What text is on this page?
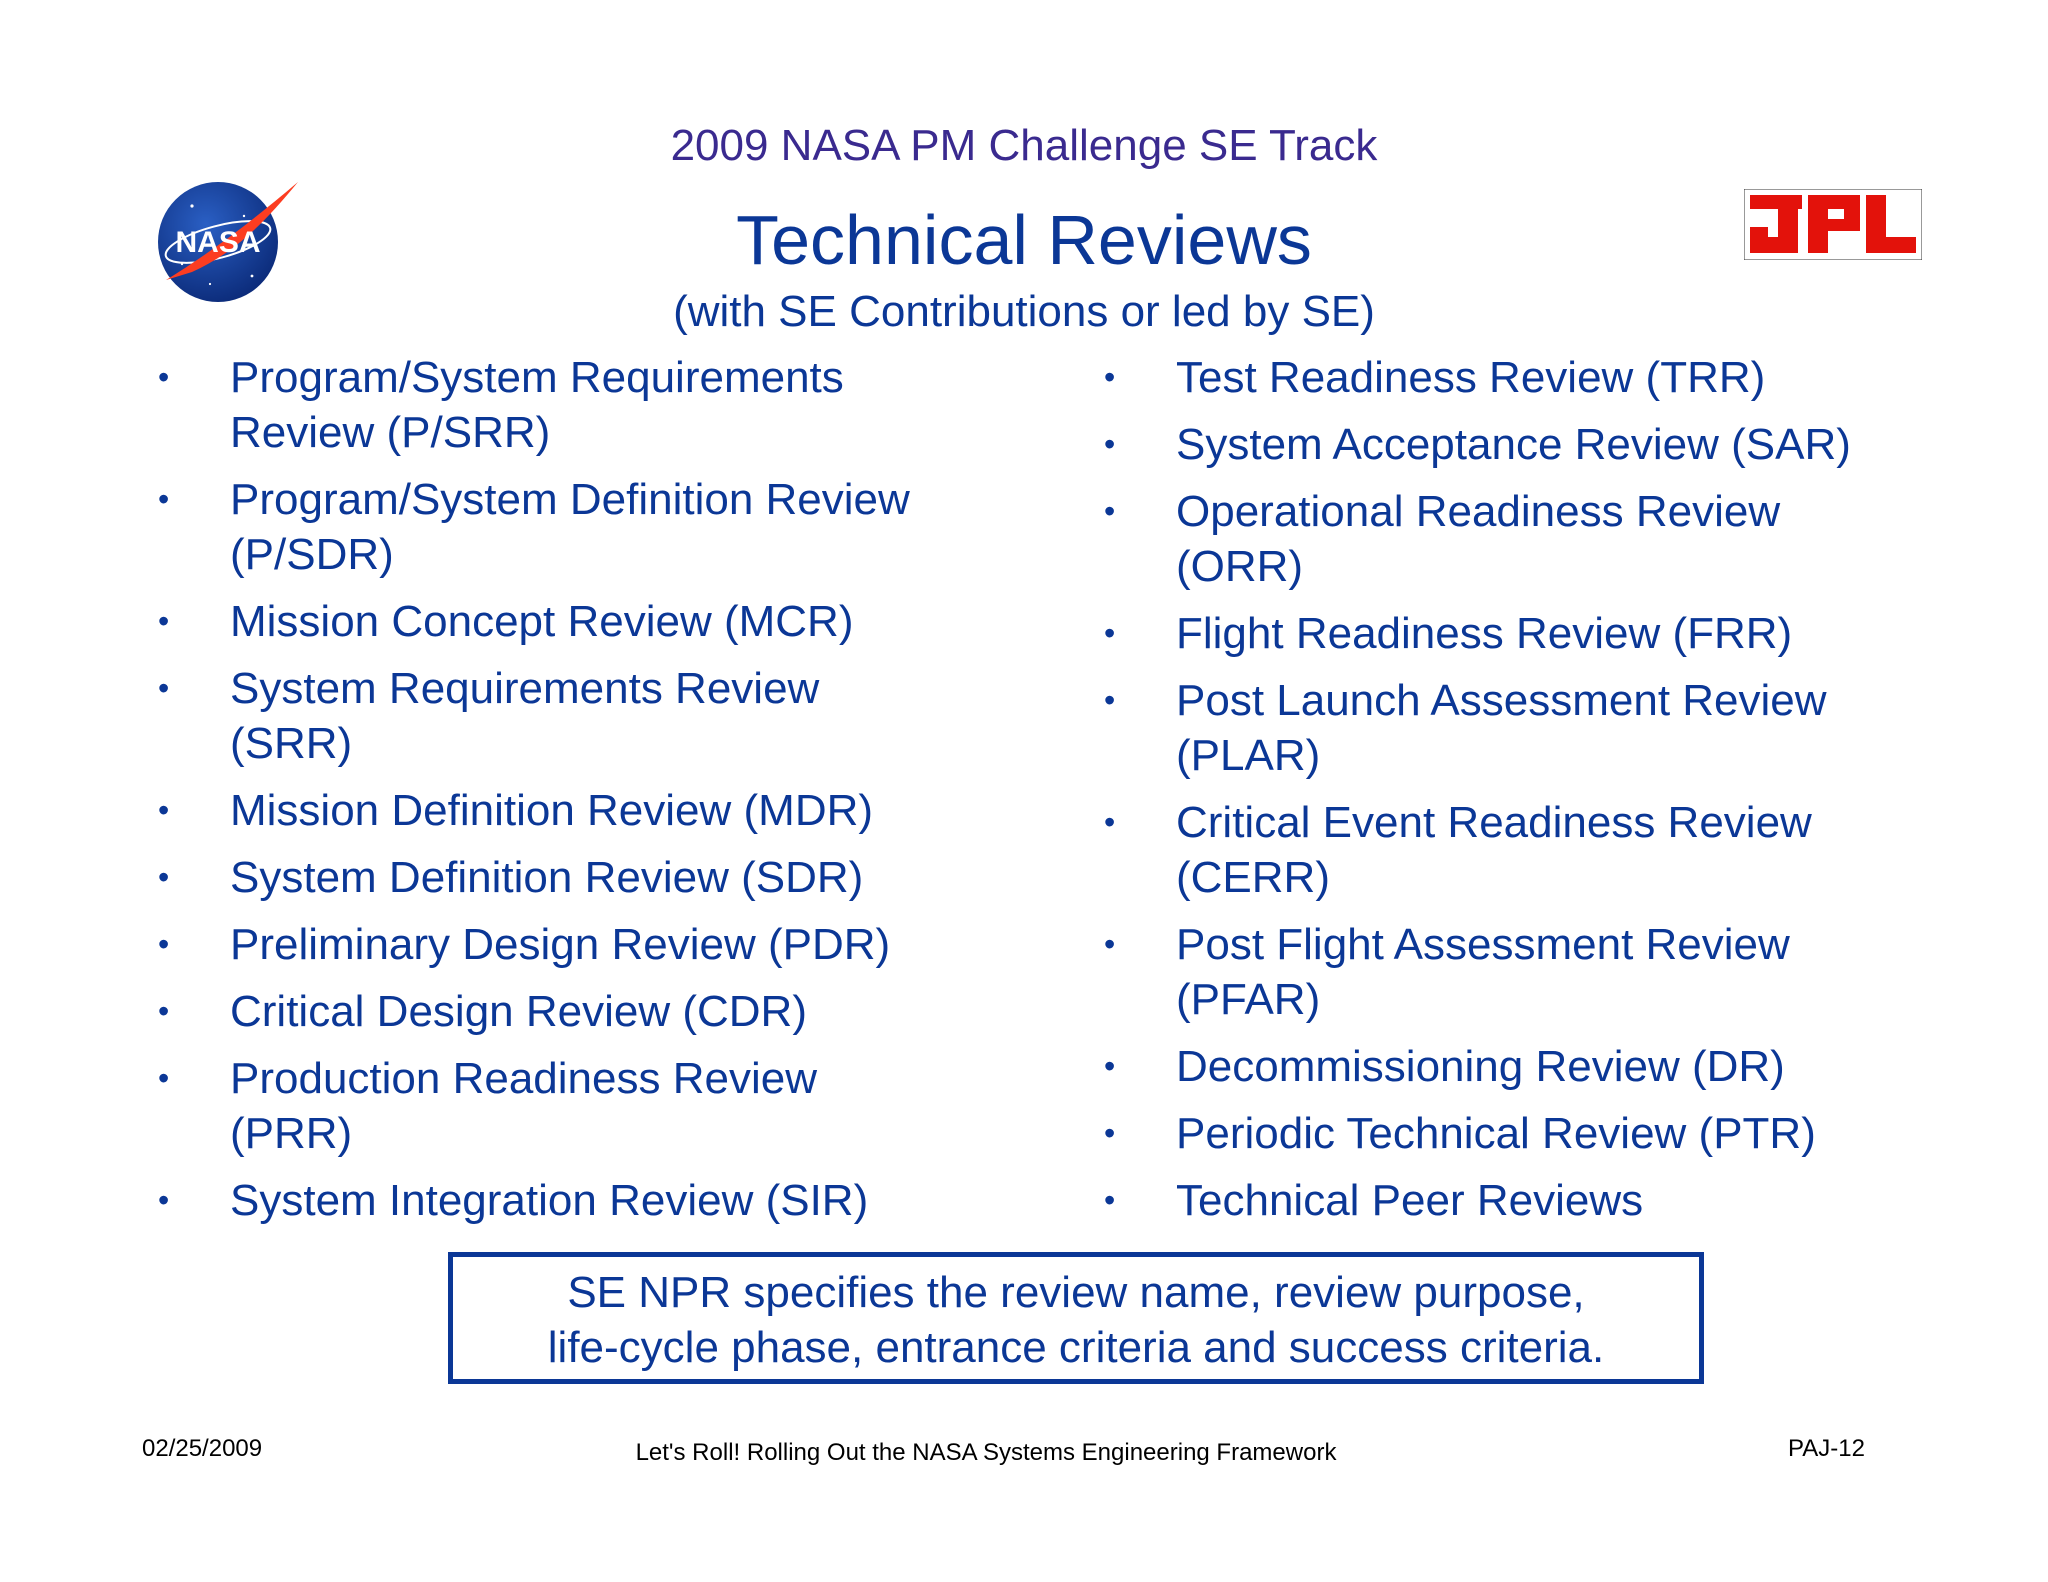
NASA
2009 NASA PM Challenge SE Track
Technical Reviews
(with SE Contributions or led by SE)
• Program/System Requirements
Review (P/SRR)
• Program/System Definition Review
(P/SDR)
• Mission Concept Review (MCR)
• System Requirements Review
(SRR)
• Mission Definition Review (MDR)
• System Definition Review (SDR)
• Preliminary Design Review (PDR)
• Critical Design Review (CDR)
• Production Readiness Review
(PRR)
• System Integration Review (SIR)
• Test Readiness Review (TRR)
• System Acceptance Review (SAR)
• Operational Readiness Review
(ORR)
• Flight Readiness Review (FRR)
• Post Launch Assessment Review
(PLAR)
• Critical Event Readiness Review
(CERR)
• Post Flight Assessment Review
(PFAR)
• Decommissioning Review (DR)
• Periodic Technical Review (PTR)
• Technical Peer Reviews
SE NPR specifies the review name, review purpose,
life-cycle phase, entrance criteria and success criteria.
02/25/2009	Let's Roll! Rolling Out the NASA Systems Engineering Framework	PAJ-12
